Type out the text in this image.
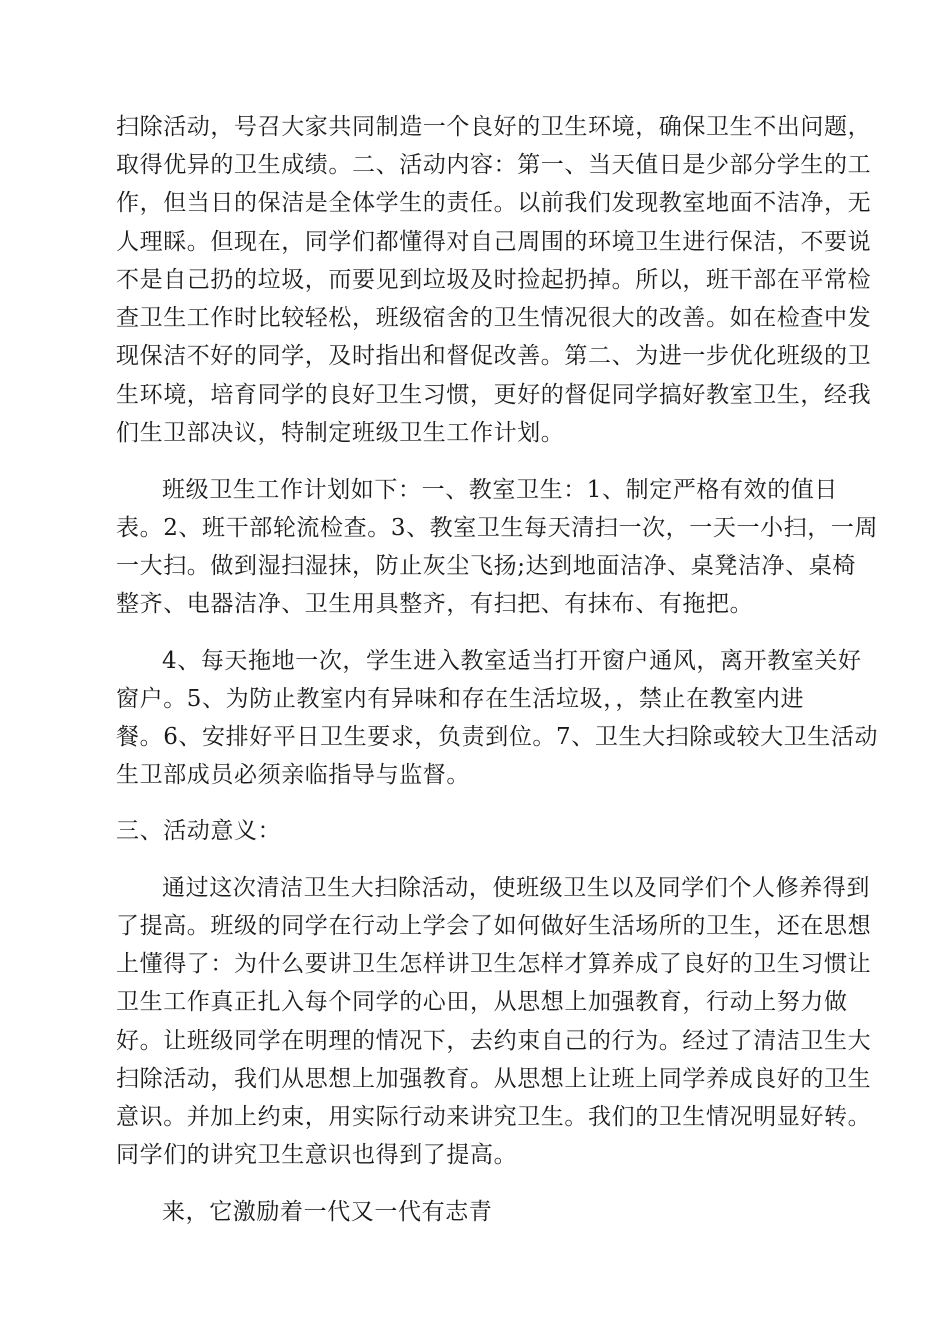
扫除活动，号召大家共同制造一个良好的卫生环境，确保卫生不出问题，
取得优异的卫生成绩。二、活动内容：第一、当天值日是少部分学生的工
作，但当日的保洁是全体学生的责任。以前我们发现教室地面不洁净，无
人理睬。但现在，同学们都懂得对自己周围的环境卫生进行保洁，不要说
不是自己扔的垃圾，而要见到垃圾及时捡起扔掉。所以，班干部在平常检
查卫生工作时比较轻松，班级宿舍的卫生情况很大的改善。如在检查中发
现保洁不好的同学，及时指出和督促改善。第二、为进一步优化班级的卫
生环境，培育同学的良好卫生习惯，更好的督促同学搞好教室卫生，经我
们生卫部决议，特制定班级卫生工作计划。
班级卫生工作计划如下：一、教室卫生：1、制定严格有效的值日
表。2、班干部轮流检查。3、教室卫生每天清扫一次，一天一小扫，一周
一大扫。做到湿扫湿抹，防止灰尘飞扬;达到地面洁净、桌凳洁净、桌椅
整齐、电器洁净、卫生用具整齐，有扫把、有抹布、有拖把。
4、每天拖地一次，学生进入教室适当打开窗户通风，离开教室关好
窗户。5、为防止教室内有异味和存在生活垃圾，，禁止在教室内进
餐。6、安排好平日卫生要求，负责到位。7、卫生大扫除或较大卫生活动
生卫部成员必须亲临指导与监督。
三、活动意义：
通过这次清洁卫生大扫除活动，使班级卫生以及同学们个人修养得到
了提高。班级的同学在行动上学会了如何做好生活场所的卫生，还在思想
上懂得了：为什么要讲卫生怎样讲卫生怎样才算养成了良好的卫生习惯让
卫生工作真正扎入每个同学的心田，从思想上加强教育，行动上努力做
好。让班级同学在明理的情况下，去约束自己的行为。经过了清洁卫生大
扫除活动，我们从思想上加强教育。从思想上让班上同学养成良好的卫生
意识。并加上约束，用实际行动来讲究卫生。我们的卫生情况明显好转。
同学们的讲究卫生意识也得到了提高。
来，它激励着一代又一代有志青
